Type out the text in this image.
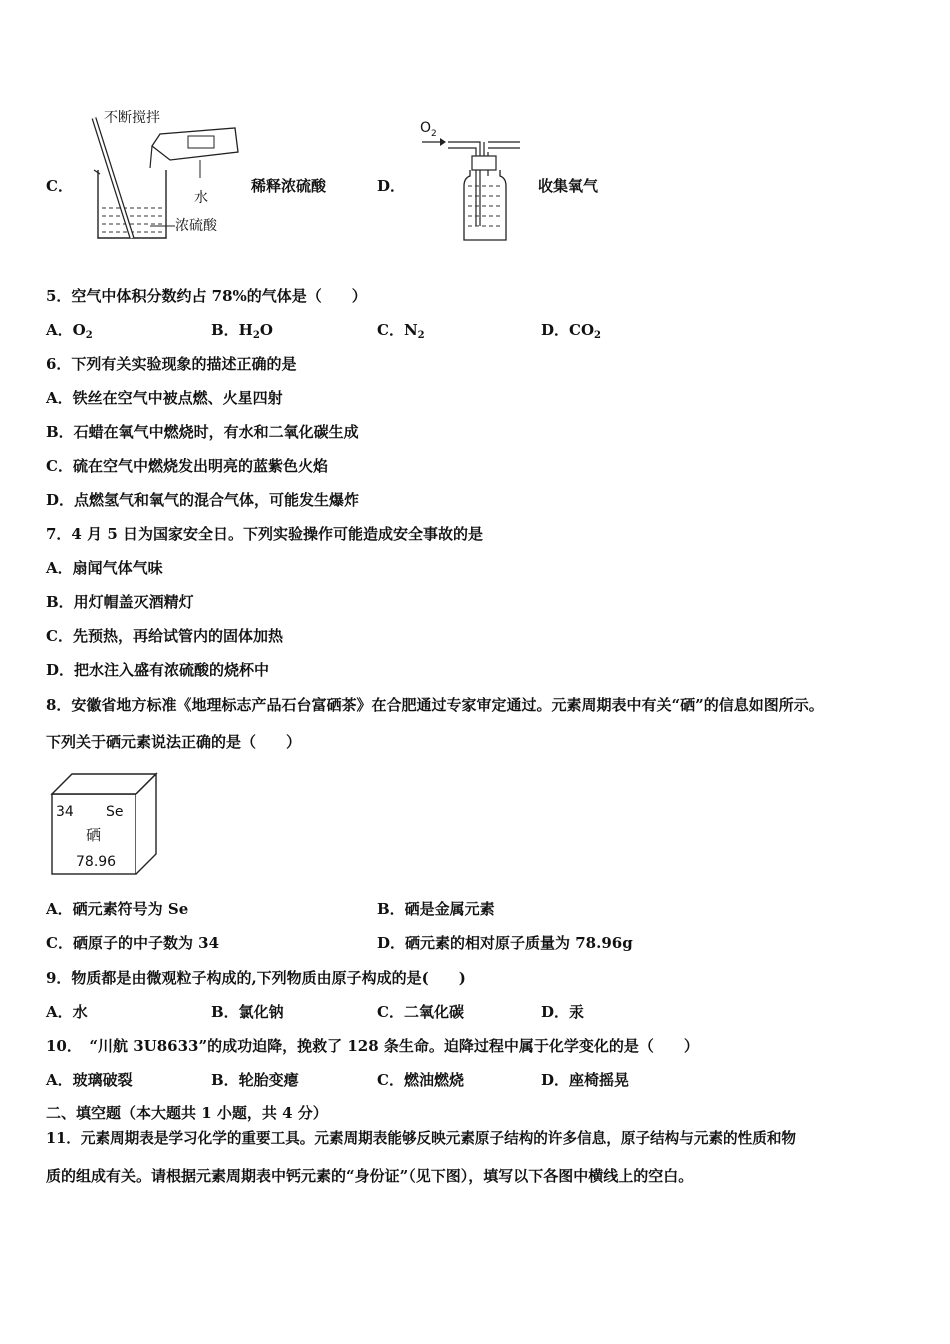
C．
不断搅拌
水
浓硫酸
稀释浓硫酸	D．
$O_2$
收集氧气
5．空气中体积分数约占 78%的气体是（　　）
A．$O_2$	B．$H_2O$	C．$N_2$	D．$CO_2$
6．下列有关实验现象的描述正确的是
A．铁丝在空气中被点燃、火星四射
B．石蜡在氧气中燃烧时，有水和二氧化碳生成
C．硫在空气中燃烧发出明亮的蓝紫色火焰
D．点燃氢气和氧气的混合气体，可能发生爆炸
7．4 月 5 日为国家安全日。下列实验操作可能造成安全事故的是
A．扇闻气体气味
B．用灯帽盖灭酒精灯
C．先预热，再给试管内的固体加热
D．把水注入盛有浓硫酸的烧杯中
8．安徽省地方标准《地理标志产品石台富硒茶》在合肥通过专家审定通过。元素周期表中有关“硒”的信息如图所示。
下列关于硒元素说法正确的是（　　）
34 Se
硒
78.96
A．硒元素符号为 Se	B．硒是金属元素
C．硒原子的中子数为 34	D．硒元素的相对原子质量为 78.96g
9．物质都是由微观粒子构成的,下列物质由原子构成的是(　　)
A．水	B．氯化钠	C．二氧化碳	D．汞
10．　“川航 3U8633”的成功迫降，挽救了 128 条生命。迫降过程中属于化学变化的是（　　）
A．玻璃破裂	B．轮胎变瘪	C．燃油燃烧	D．座椅摇晃
二、填空题（本大题共 1 小题，共 4 分）
11．元素周期表是学习化学的重要工具。元素周期表能够反映元素原子结构的许多信息，原子结构与元素的性质和物
质的组成有关。请根据元素周期表中钙元素的“身份证”（见下图），填写以下各图中横线上的空白。
